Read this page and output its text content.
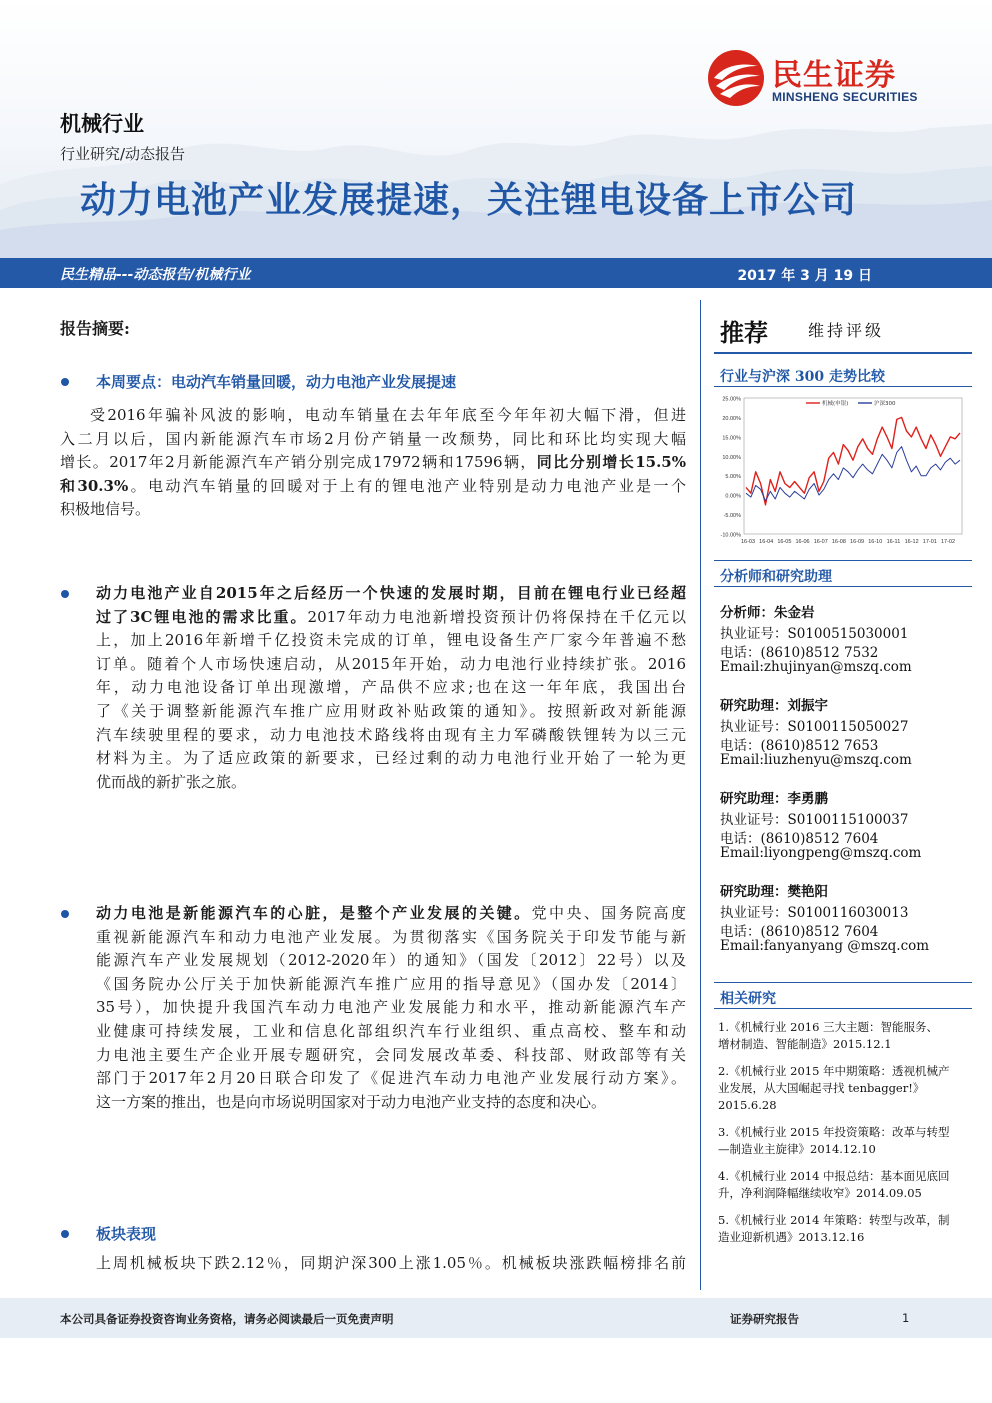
民生证券
MINSHENG SECURITIES
机械行业
行业研究/动态报告
动力电池产业发展提速，关注锂电设备上市公司
民生精品---动态报告/机械行业	2017 年 3 月 19 日
报告摘要:
本周要点：电动汽车销量回暖，动力电池产业发展提速
受2016年骗补风波的影响，电动车销量在去年年底至今年年初大幅下滑，但进
入二月以后，国内新能源汽车市场2月份产销量一改颓势，同比和环比均实现大幅
增长。2017年2月新能源汽车产销分别完成17972辆和17596辆，同比分别增长15.5%
和30.3%。电动汽车销量的回暖对于上有的锂电池产业特别是动力电池产业是一个
积极地信号。
动力电池产业自2015年之后经历一个快速的发展时期，目前在锂电行业已经超
过了3C锂电池的需求比重。2017年动力电池新增投资预计仍将保持在千亿元以
上，加上2016年新增千亿投资未完成的订单，锂电设备生产厂家今年普遍不愁
订单。随着个人市场快速启动，从2015年开始，动力电池行业持续扩张。2016
年，动力电池设备订单出现激增，产品供不应求;也在这一年年底，我国出台
了《关于调整新能源汽车推广应用财政补贴政策的通知》。按照新政对新能源
汽车续驶里程的要求，动力电池技术路线将由现有主力军磷酸铁锂转为以三元
材料为主。为了适应政策的新要求，已经过剩的动力电池行业开始了一轮为更
优而战的新扩张之旅。
动力电池是新能源汽车的心脏，是整个产业发展的关键。党中央、国务院高度
重视新能源汽车和动力电池产业发展。为贯彻落实《国务院关于印发节能与新
能源汽车产业发展规划（2012-2020年）的通知》（国发〔2012〕22号）以及
《国务院办公厅关于加快新能源汽车推广应用的指导意见》（国办发〔2014〕
35号），加快提升我国汽车动力电池产业发展能力和水平，推动新能源汽车产
业健康可持续发展，工业和信息化部组织汽车行业组织、重点高校、整车和动
力电池主要生产企业开展专题研究，会同发展改革委、科技部、财政部等有关
部门于2017年2月20日联合印发了《促进汽车动力电池产业发展行动方案》。
这一方案的推出，也是向市场说明国家对于动力电池产业支持的态度和决心。
板块表现
上周机械板块下跌2.12％，同期沪深300上涨1.05％。机械板块涨跌幅榜排名前
推荐	维持评级
行业与沪深 300 走势比较
25.00%
20.00%
15.00%
10.00%
5.00%
0.00%
-5.00%
-10.00%
16-03 16-04 16-05 16-06 16-07 16-08 16-09 16-10 16-11 16-12 17-01 17-02
机械(申银)	沪深300
分析师和研究助理
分析师：朱金岩
执业证号：S0100515030001
电话：(8610)8512 7532
Email:zhujinyan@mszq.com
研究助理：刘振宇
执业证号：S0100115050027
电话：(8610)8512 7653
Email:liuzhenyu@mszq.com
研究助理：李勇鹏
执业证号：S0100115100037
电话：(8610)8512 7604
Email:liyongpeng@mszq.com
研究助理：樊艳阳
执业证号：S0100116030013
电话：(8610)8512 7604
Email:fanyanyang @mszq.com
相关研究
1.《机械行业 2016 三大主题：智能服务、
增材制造、智能制造》2015.12.1
2.《机械行业 2015 年中期策略：透视机械产
业发展，从大国崛起寻找 tenbagger!》
2015.6.28
3.《机械行业 2015 年投资策略：改革与转型
—制造业主旋律》2014.12.10
4.《机械行业 2014 中报总结：基本面见底回
升，净利润降幅继续收窄》2014.09.05
5.《机械行业 2014 年策略：转型与改革，制
造业迎新机遇》2013.12.16
本公司具备证券投资咨询业务资格，请务必阅读最后一页免责声明	证券研究报告	1
